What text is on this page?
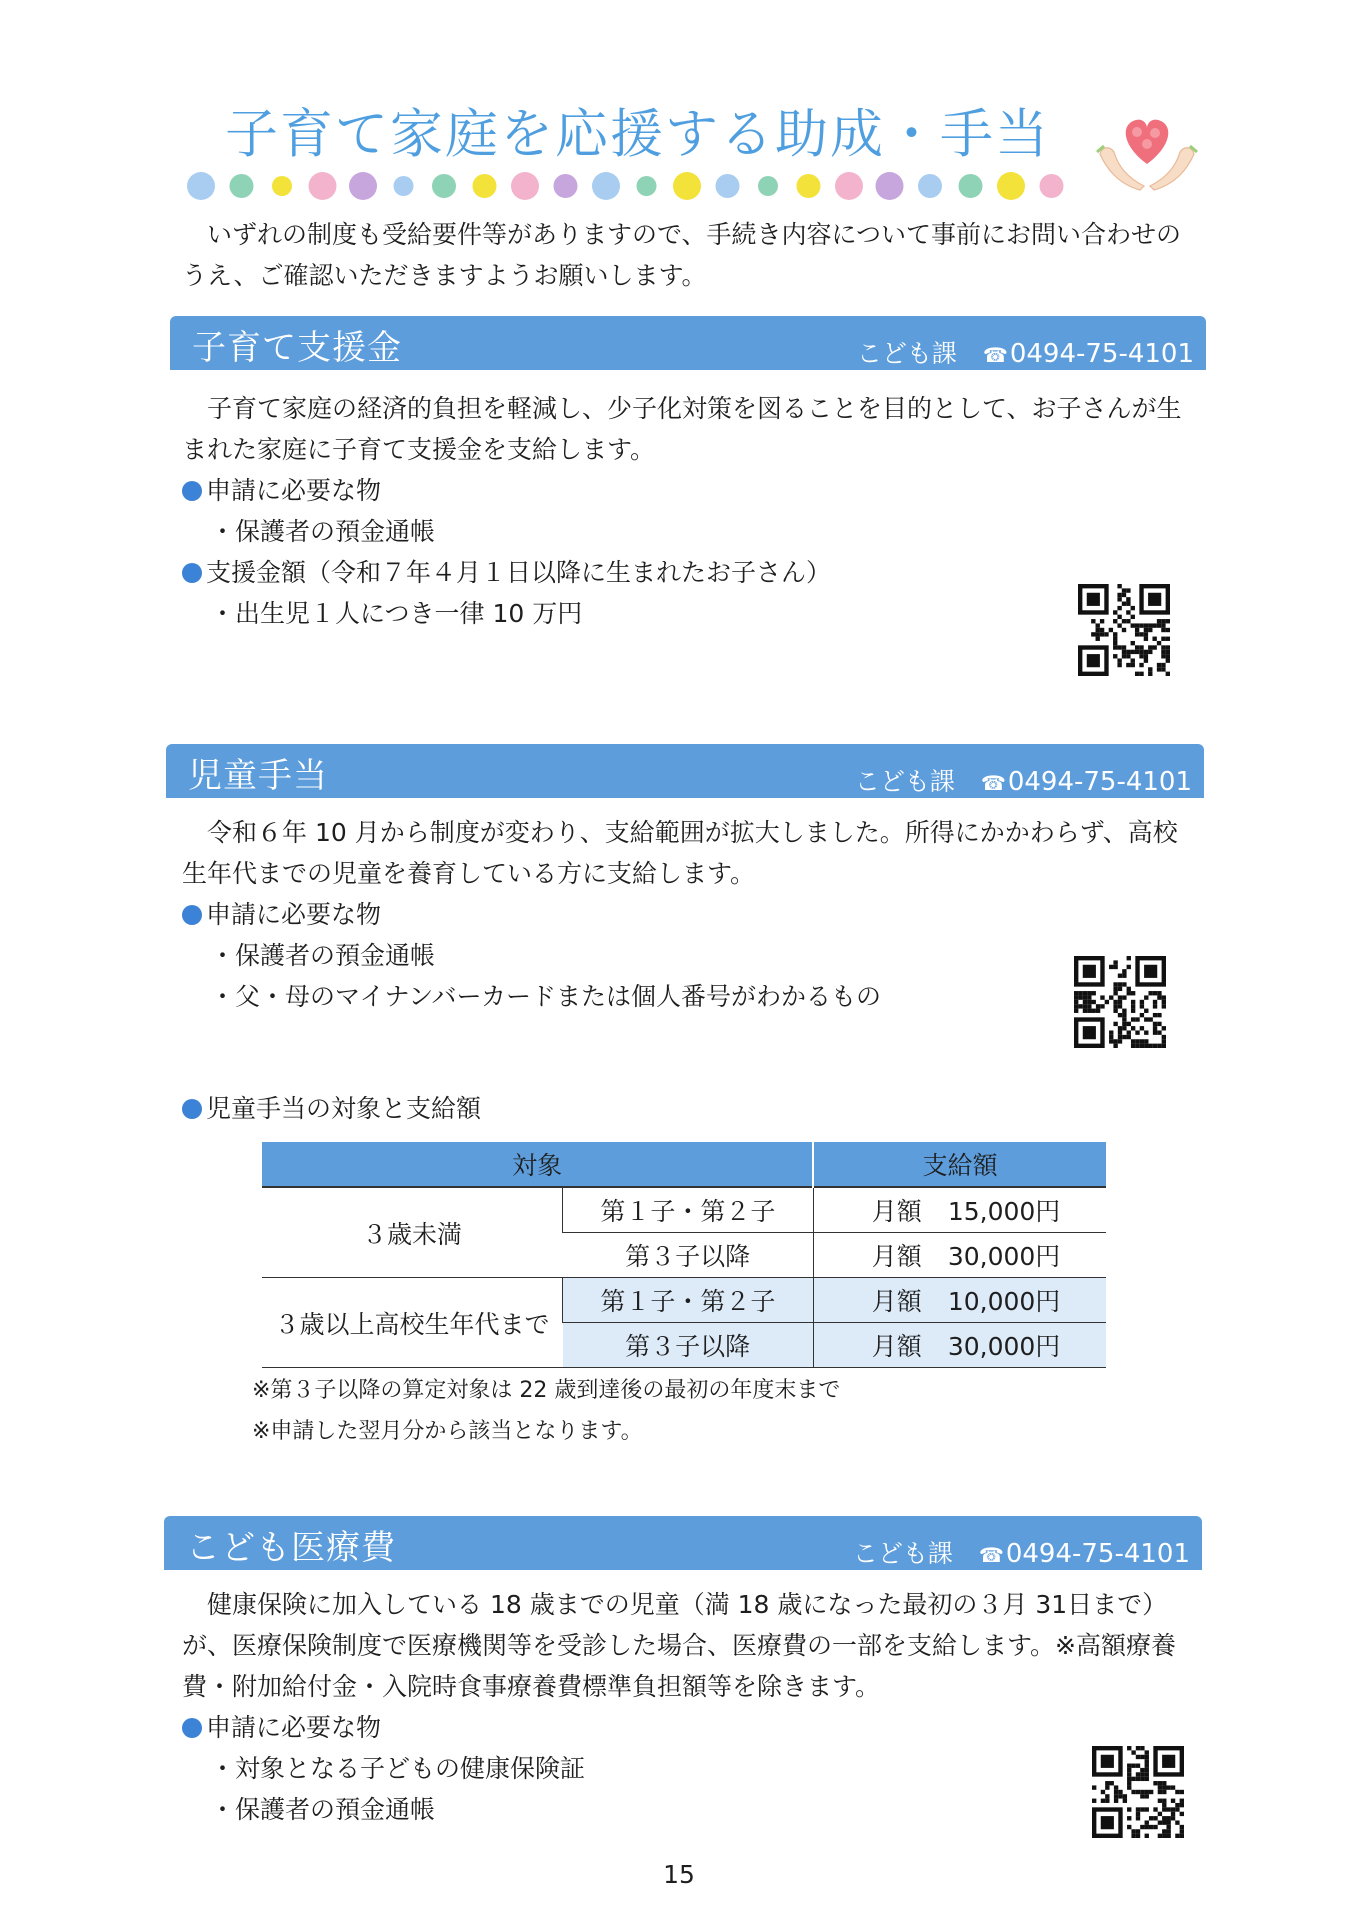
子育て家庭を応援する助成・手当
いずれの制度も受給要件等がありますので、手続き内容について事前にお問い合わせのうえ、ご確認いただきますようお願いします。
子育て支援金	こども課 ☎0494-75-4101
子育て家庭の経済的負担を軽減し、少子化対策を図ることを目的として、お子さんが生まれた家庭に子育て支援金を支給します。
申請に必要な物
・保護者の預金通帳
支援金額（令和７年４月１日以降に生まれたお子さん）
・出生児１人につき一律 10 万円
児童手当	こども課 ☎0494-75-4101
令和６年 10 月から制度が変わり、支給範囲が拡大しました。所得にかかわらず、高校生年代までの児童を養育している方に支給します。
申請に必要な物
・保護者の預金通帳
・父・母のマイナンバーカードまたは個人番号がわかるもの
児童手当の対象と支給額
対象		支給額
３歳未満	第１子・第２子	月額 15,000円
	第３子以降	月額 30,000円
３歳以上高校生年代まで	第１子・第２子	月額 10,000円
	第３子以降	月額 30,000円
※第３子以降の算定対象は 22 歳到達後の最初の年度末まで
※申請した翌月分から該当となります。
こども医療費	こども課 ☎0494-75-4101
健康保険に加入している 18 歳までの児童（満 18 歳になった最初の３月 31日まで）が、医療保険制度で医療機関等を受診した場合、医療費の一部を支給します。※高額療養費・附加給付金・入院時食事療養費標準負担額等を除きます。
申請に必要な物
・対象となる子どもの健康保険証
・保護者の預金通帳
15
